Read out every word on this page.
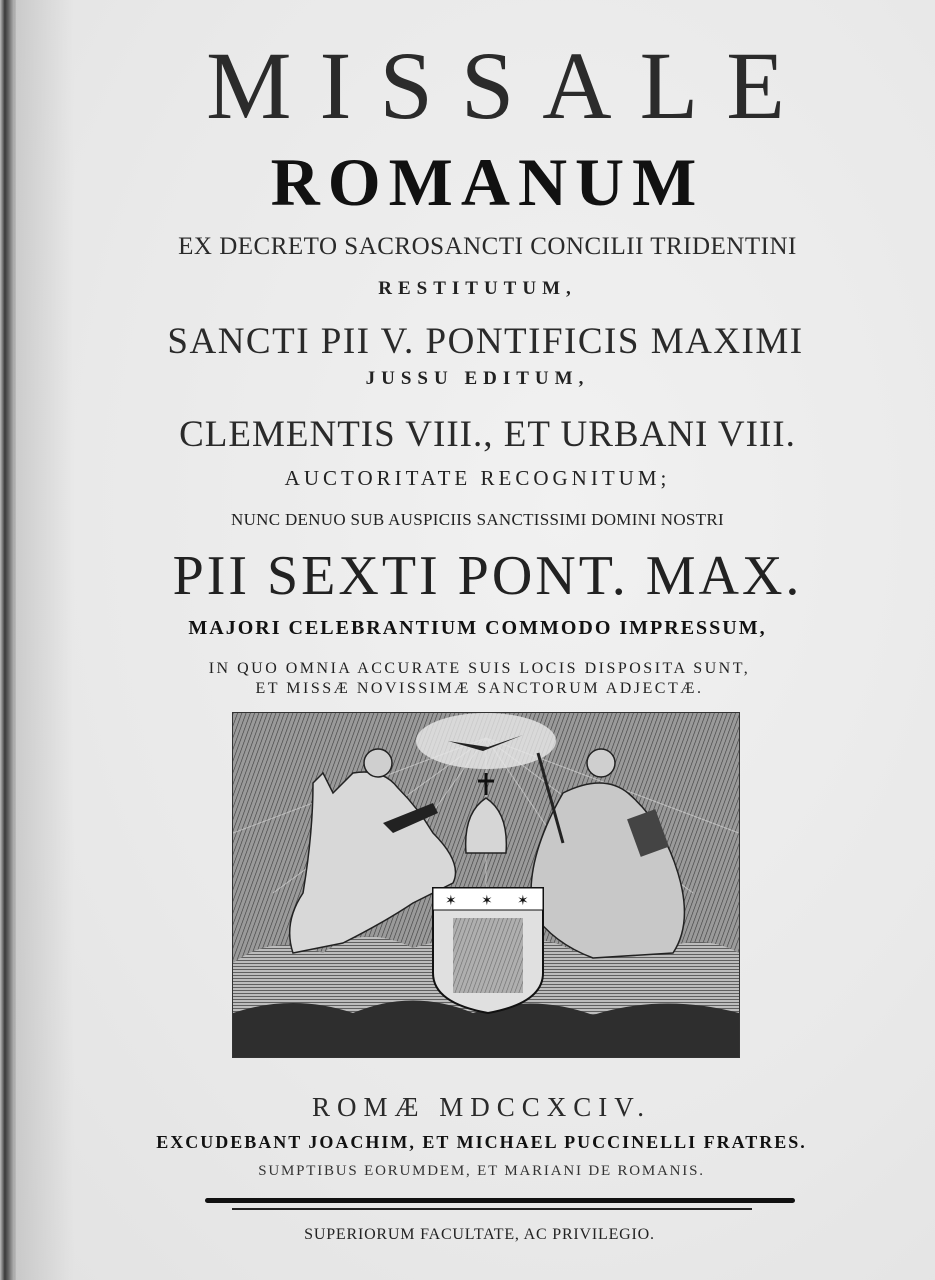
MISSALE
ROMANUM
EX DECRETO SACROSANCTI CONCILII TRIDENTINI
RESTITUTUM,
SANCTI PII V. PONTIFICIS MAXIMI
JUSSU EDITUM,
CLEMENTIS VIII., ET URBANI VIII.
AUCTORITATE RECOGNITUM;
NUNC DENUO SUB AUSPICIIS SANCTISSIMI DOMINI NOSTRI
PII SEXTI PONT. MAX.
MAJORI CELEBRANTIUM COMMODO IMPRESSUM,
IN QUO OMNIA ACCURATE SUIS LOCIS DISPOSITA SUNT,
ET MISSÆ NOVISSIMÆ SANCTORUM ADJECTÆ.
✶ ✶ ✶
ROMÆ MDCCXCIV.
EXCUDEBANT JOACHIM, ET MICHAEL PUCCINELLI FRATRES.
SUMPTIBUS EORUMDEM, ET MARIANI DE ROMANIS.
SUPERIORUM FACULTATE, AC PRIVILEGIO.
